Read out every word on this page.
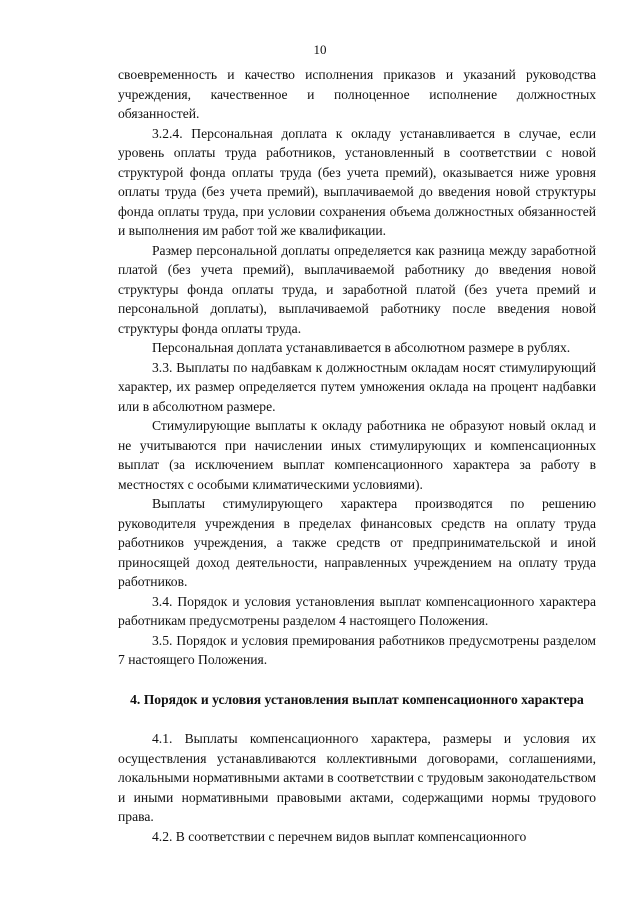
10

своевременность и качество исполнения приказов и указаний руководства учреждения, качественное и полноценное исполнение должностных обязанностей.

3.2.4. Персональная доплата к окладу устанавливается в случае, если уровень оплаты труда работников, установленный в соответствии с новой структурой фонда оплаты труда (без учета премий), оказывается ниже уровня оплаты труда (без учета премий), выплачиваемой до введения новой структуры фонда оплаты труда, при условии сохранения объема должностных обязанностей и выполнения им работ той же квалификации.

Размер персональной доплаты определяется как разница между заработной платой (без учета премий), выплачиваемой работнику до введения новой структуры фонда оплаты труда, и заработной платой (без учета премий и персональной доплаты), выплачиваемой работнику после введения новой структуры фонда оплаты труда.

Персональная доплата устанавливается в абсолютном размере в рублях.

3.3. Выплаты по надбавкам к должностным окладам носят стимулирующий характер, их размер определяется путем умножения оклада на процент надбавки или в абсолютном размере.

Стимулирующие выплаты к окладу работника не образуют новый оклад и не учитываются при начислении иных стимулирующих и компенсационных выплат (за исключением выплат компенсационного характера за работу в местностях с особыми климатическими условиями).

Выплаты стимулирующего характера производятся по решению руководителя учреждения в пределах финансовых средств на оплату труда работников учреждения, а также средств от предпринимательской и иной приносящей доход деятельности, направленных учреждением на оплату труда работников.

3.4. Порядок и условия установления выплат компенсационного характера работникам предусмотрены разделом 4 настоящего Положения.

3.5. Порядок и условия премирования работников предусмотрены разделом 7 настоящего Положения.

4. Порядок и условия установления выплат компенсационного характера

4.1. Выплаты компенсационного характера, размеры и условия их осуществления устанавливаются коллективными договорами, соглашениями, локальными нормативными актами в соответствии с трудовым законодательством и иными нормативными правовыми актами, содержащими нормы трудового права.

4.2. В соответствии с перечнем видов выплат компенсационного
